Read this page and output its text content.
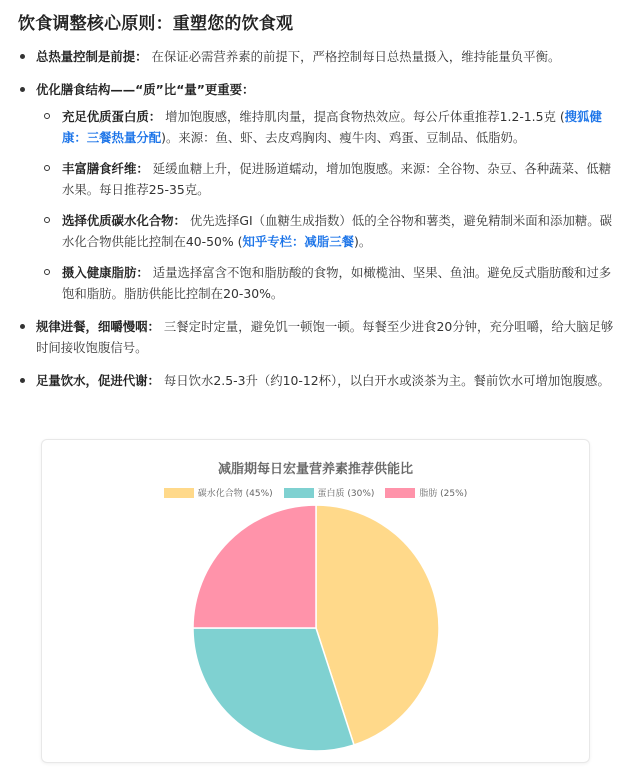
饮食调整核心原则：重塑您的饮食观
总热量控制是前提： 在保证必需营养素的前提下，严格控制每日总热量摄入，维持能量负平衡。
优化膳食结构——“质”比“量”更重要：
充足优质蛋白质： 增加饱腹感，维持肌肉量，提高食物热效应。每公斤体重推荐1.2-1.5克 (搜狐健康：三餐热量分配)。来源：鱼、虾、去皮鸡胸肉、瘦牛肉、鸡蛋、豆制品、低脂奶。
丰富膳食纤维： 延缓血糖上升，促进肠道蠕动，增加饱腹感。来源：全谷物、杂豆、各种蔬菜、低糖水果。每日推荐25-35克。
选择优质碳水化合物： 优先选择GI（血糖生成指数）低的全谷物和薯类，避免精制米面和添加糖。碳水化合物供能比控制在40-50% (知乎专栏：减脂三餐)。
摄入健康脂肪： 适量选择富含不饱和脂肪酸的食物，如橄榄油、坚果、鱼油。避免反式脂肪酸和过多饱和脂肪。脂肪供能比控制在20-30%。
规律进餐，细嚼慢咽： 三餐定时定量，避免饥一顿饱一顿。每餐至少进食20分钟，充分咀嚼，给大脑足够时间接收饱腹信号。
足量饮水，促进代谢： 每日饮水2.5-3升（约10-12杯），以白开水或淡茶为主。餐前饮水可增加饱腹感。
减脂期每日宏量营养素推荐供能比
碳水化合物 (45%)
	蛋白质 (30%)
	脂肪 (25%)
